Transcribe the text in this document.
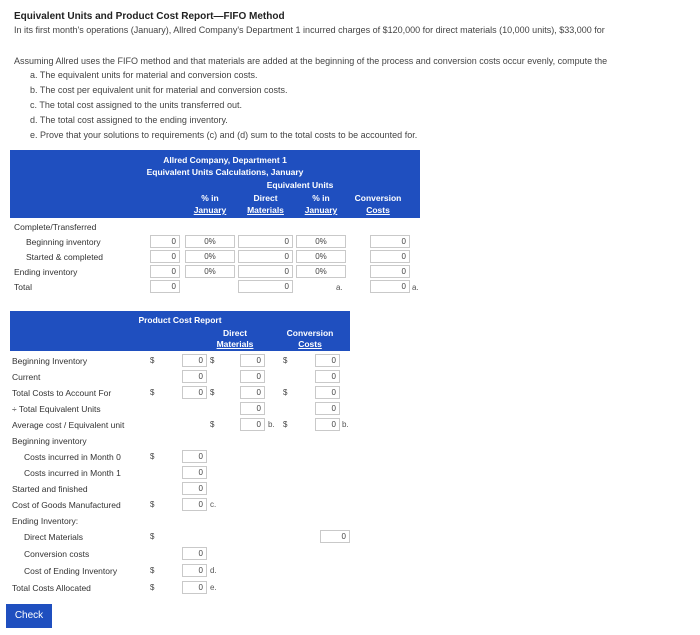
Equivalent Units and Product Cost Report—FIFO Method
In its first month's operations (January), Allred Company's Department 1 incurred charges of $120,000 for direct materials (10,000 units), $33,000 for
Assuming Allred uses the FIFO method and that materials are added at the beginning of the process and conversion costs occur evenly, compute the
a. The equivalent units for material and conversion costs.
b. The cost per equivalent unit for material and conversion costs.
c. The total cost assigned to the units transferred out.
d. The total cost assigned to the ending inventory.
e. Prove that your solutions to requirements (c) and (d) sum to the total costs to be accounted for.
Allred Company, Department 1
Equivalent Units Calculations, January
Equivalent Units
% in
January
Direct
Materials
% in
January
Conversion
Costs
Complete/Transferred
Beginning inventory	0	0%	0	0%	0
Started & completed	0	0%	0	0%	0
Ending inventory	0	0%	0	0%	0
Total	0	0	a.	0 a.
Product Cost Report
Direct
Materials
Conversion
Costs
Beginning Inventory	$	0 $	0	$	0
Current	0	0	0
Total Costs to Account For	$	0 $	0	$	0
÷ Total Equivalent Units	0	0
Average cost / Equivalent unit	$	0 b. $	0 b.
Beginning inventory
Costs incurred in Month 0	$	0
Costs incurred in Month 1	0
Started and finished	0
Cost of Goods Manufactured	$	0 c.
Ending Inventory:
Direct Materials	$	0
Conversion costs	0
Cost of Ending Inventory	$	0 d.
Total Costs Allocated	$	0 e.
Check
